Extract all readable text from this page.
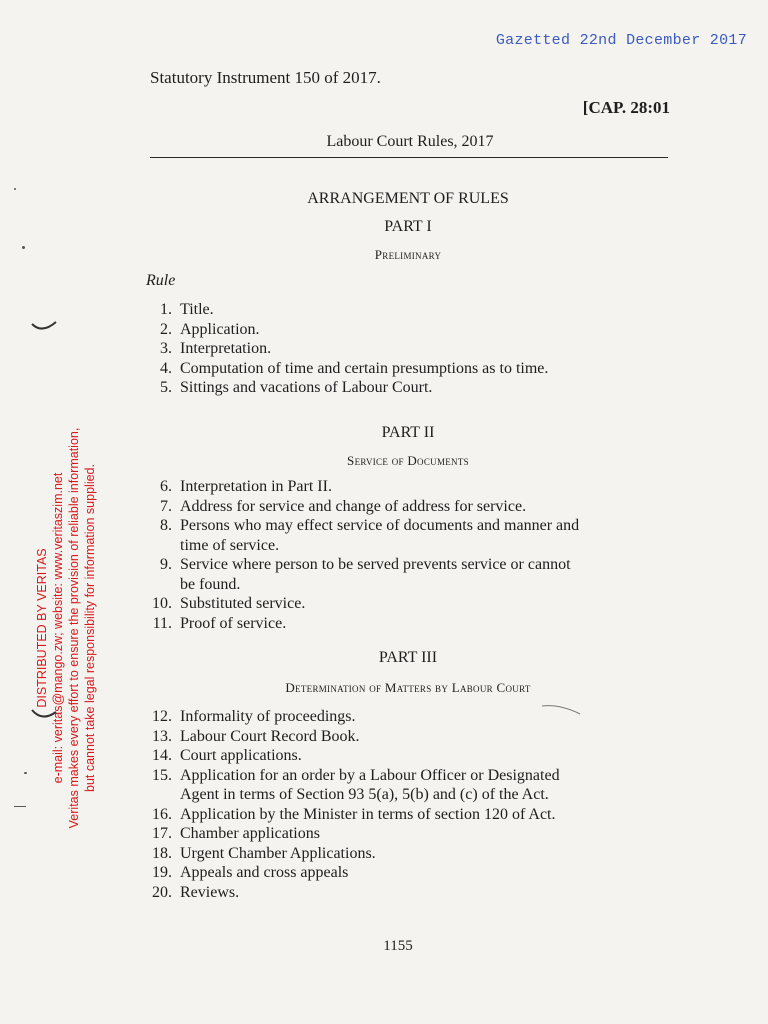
Gazetted 22nd December 2017
Statutory Instrument 150 of 2017.
[CAP. 28:01
Labour Court Rules, 2017
ARRANGEMENT OF RULES
PART I
Preliminary
Rule
1. Title.
2. Application.
3. Interpretation.
4. Computation of time and certain presumptions as to time.
5. Sittings and vacations of Labour Court.
PART II
Service of Documents
6. Interpretation in Part II.
7. Address for service and change of address for service.
8. Persons who may effect service of documents and manner and
time of service.
9. Service where person to be served prevents service or cannot
be found.
10. Substituted service.
11. Proof of service.
PART III
Determination of Matters by Labour Court
12. Informality of proceedings.
13. Labour Court Record Book.
14. Court applications.
15. Application for an order by a Labour Officer or Designated
Agent in terms of Section 93 5(a), 5(b) and (c) of the Act.
16. Application by the Minister in terms of section 120 of Act.
17. Chamber applications
18. Urgent Chamber Applications.
19. Appeals and cross appeals
20. Reviews.
1155
DISTRIBUTED BY VERITAS e-mail: veritas@mango.zw; website: www.veritaszim.net Veritas makes every effort to ensure the provision of reliable information, but cannot take legal responsibility for information supplied.
